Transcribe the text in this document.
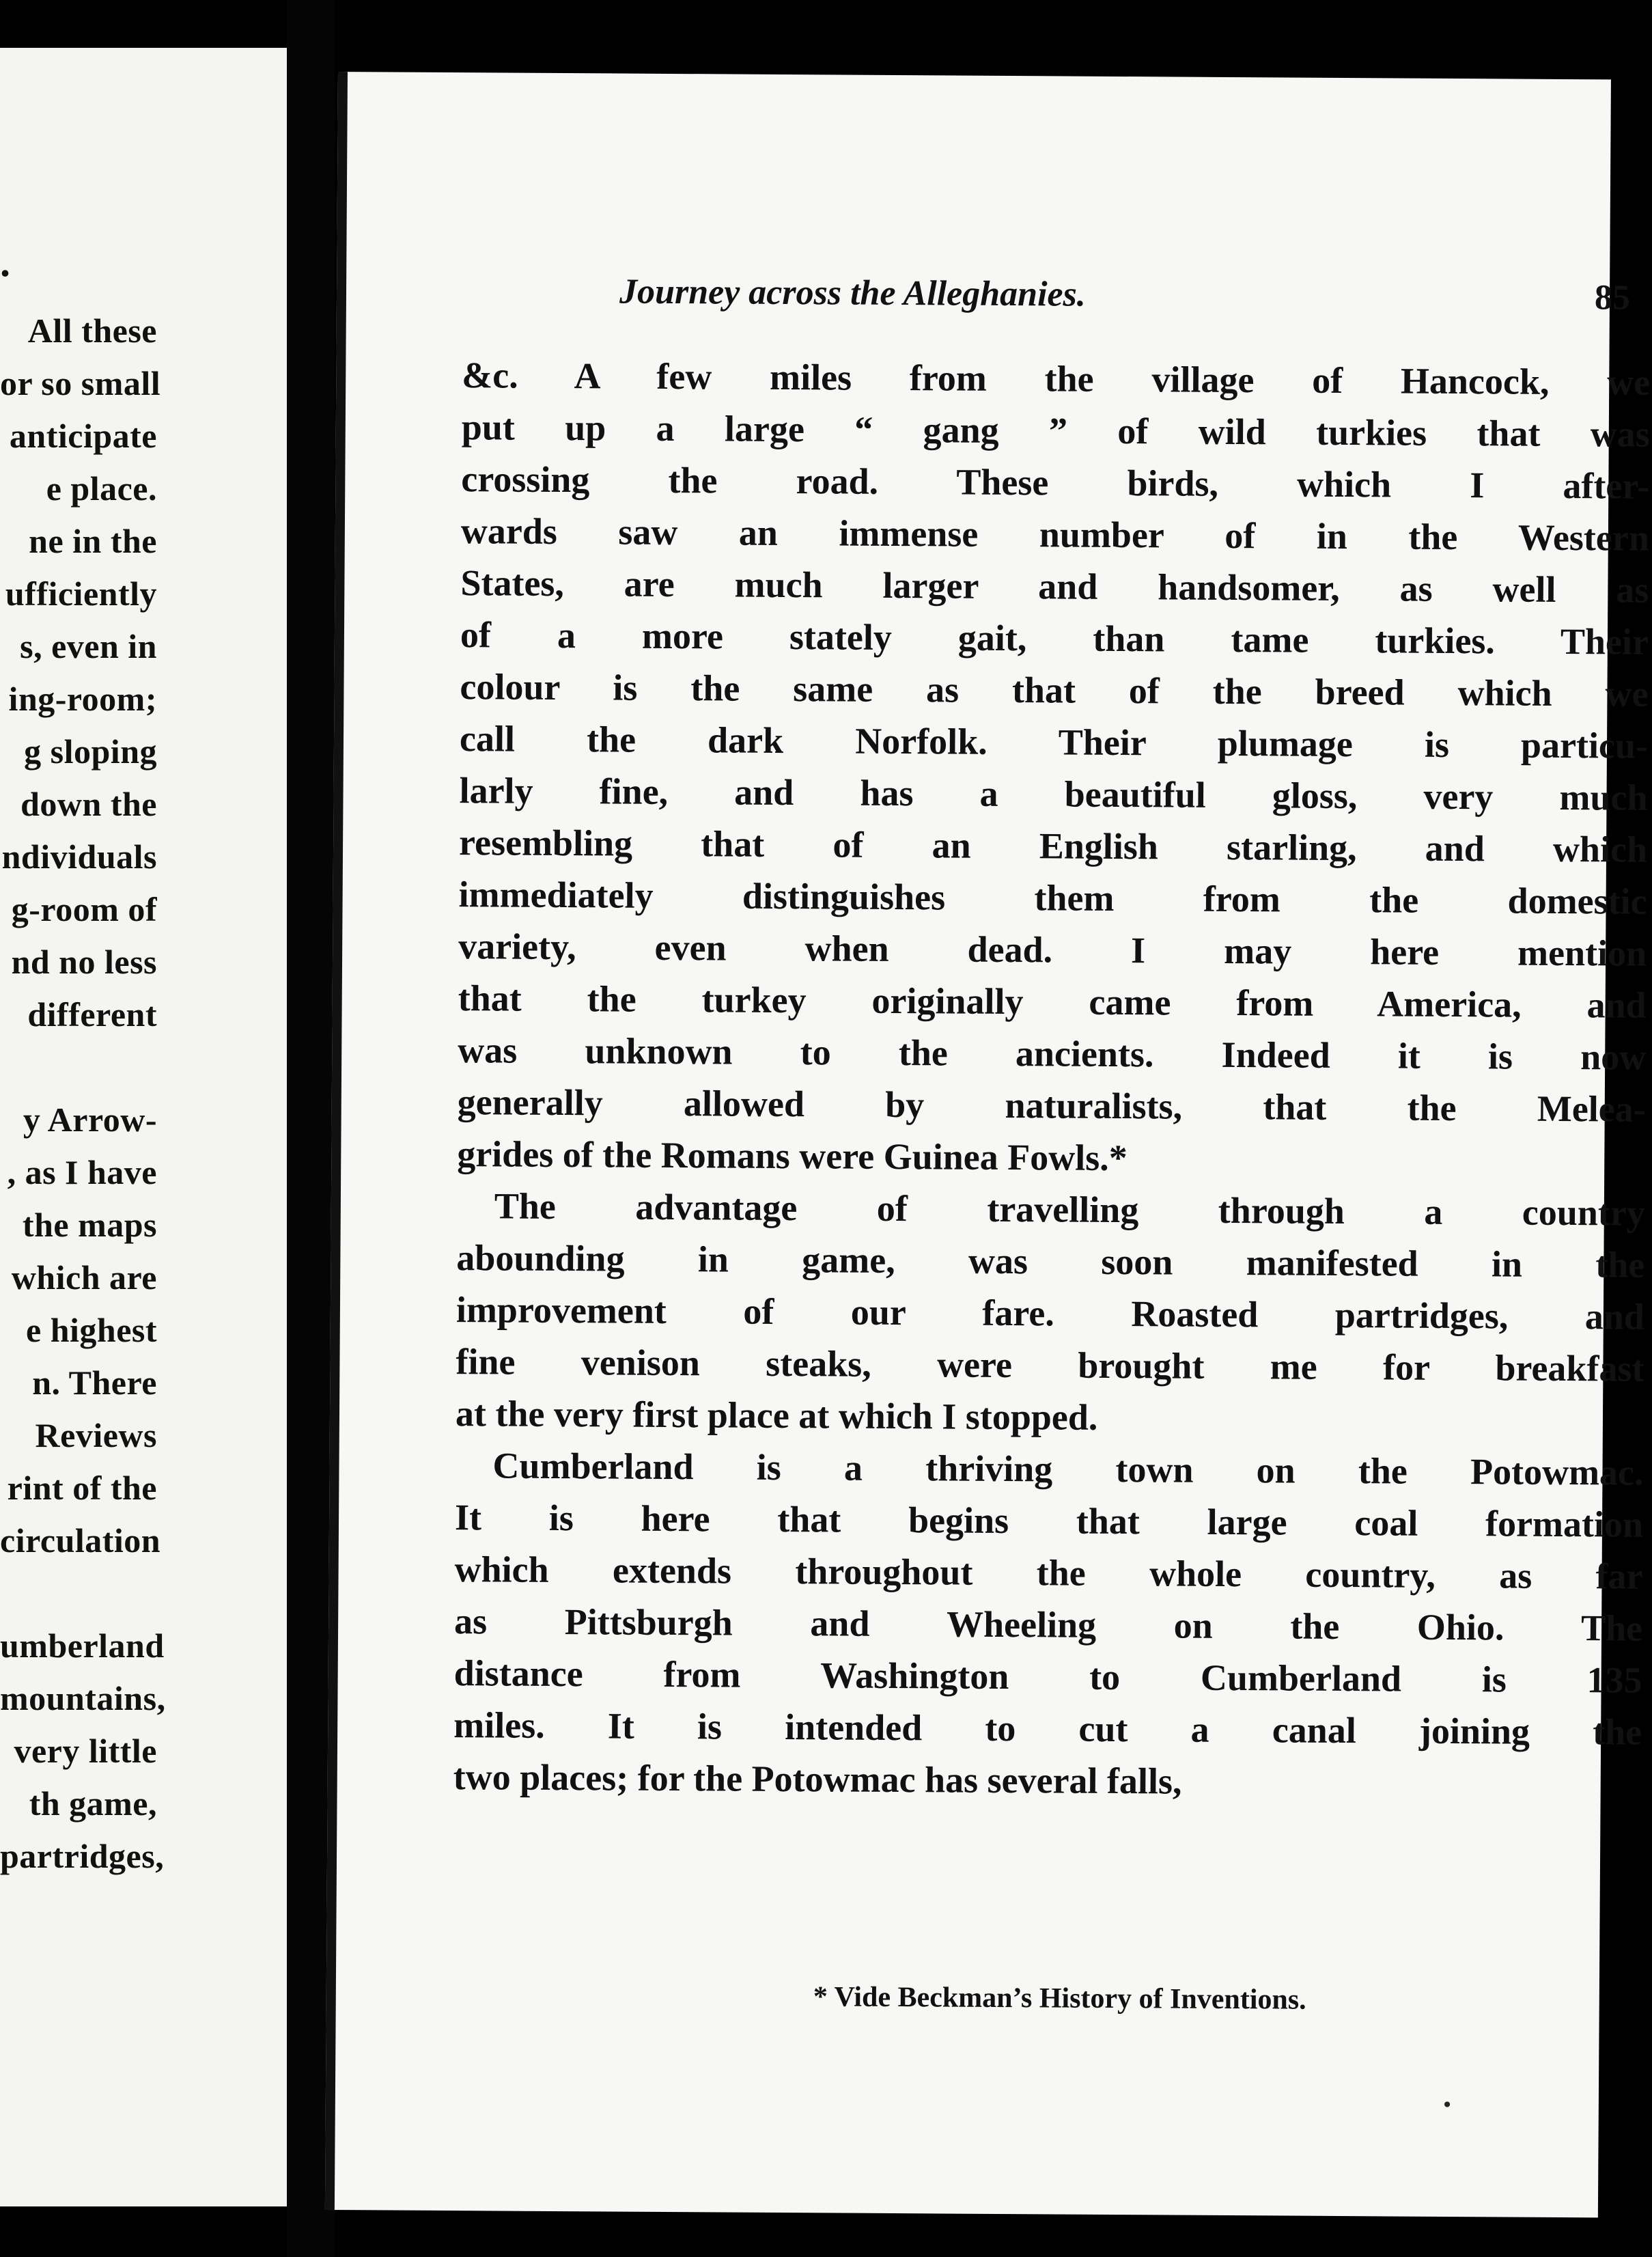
.
All these
or so small
anticipate
e place.
ne in the
ufficiently
s, even in
ing-room;
g sloping
down the
ndividuals
g-room of
nd no less
different
y Arrow-
, as I have
the maps
which are
e highest
n. There
Reviews
rint of the
circulation
umberland
mountains,
very little
th game,
partridges,
Journey across the Alleghanies.	85
&c. A few miles from the village of Hancock, we
put up a large “ gang ” of wild turkies that was
crossing the road. These birds, which I after-
wards saw an immense number of in the Western
States, are much larger and handsomer, as well as
of a more stately gait, than tame turkies. Their
colour is the same as that of the breed which we
call the dark Norfolk. Their plumage is particu-
larly fine, and has a beautiful gloss, very much
resembling that of an English starling, and which
immediately distinguishes them from the domestic
variety, even when dead. I may here mention
that the turkey originally came from America, and
was unknown to the ancients. Indeed it is now
generally allowed by naturalists, that the Melea-
grides of the Romans were Guinea Fowls.*
The advantage of travelling through a country
abounding in game, was soon manifested in the
improvement of our fare. Roasted partridges, and
fine venison steaks, were brought me for breakfast
at the very first place at which I stopped.
Cumberland is a thriving town on the Potowmac.
It is here that begins that large coal formation
which extends throughout the whole country, as far
as Pittsburgh and Wheeling on the Ohio. The
distance from Washington to Cumberland is 135
miles. It is intended to cut a canal joining the
two places; for the Potowmac has several falls,
* Vide Beckman’s History of Inventions.
•
